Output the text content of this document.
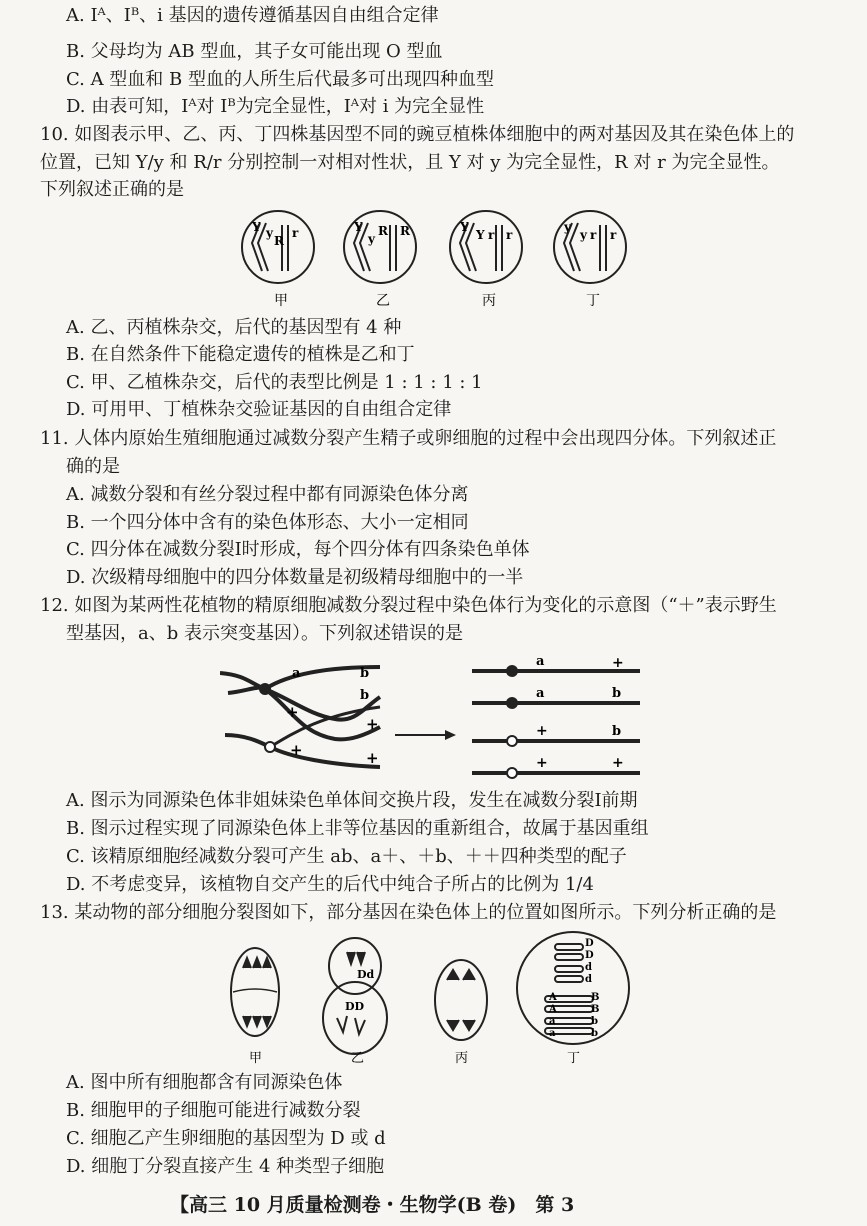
A. Iᴬ、Iᴮ、i 基因的遗传遵循基因自由组合定律
B. 父母均为 AB 型血，其子女可能出现 O 型血
C. A 型血和 B 型血的人所生后代最多可出现四种血型
D. 由表可知，Iᴬ对 Iᴮ为完全显性，Iᴬ对 i 为完全显性
10. 如图表示甲、乙、丙、丁四株基因型不同的豌豆植株体细胞中的两对基因及其在染色体上的
位置，已知 Y/y 和 R/r 分别控制一对相对性状，且 Y 对 y 为完全显性，R 对 r 为完全显性。
下列叙述正确的是
Y y
R
r	Y
y
R R	Y
Y r r
y
y r r
甲	乙	丙	丁
A. 乙、丙植株杂交，后代的基因型有 4 种
B. 在自然条件下能稳定遗传的植株是乙和丁
C. 甲、乙植株杂交，后代的表型比例是 1 : 1 : 1 : 1
D. 可用甲、丁植株杂交验证基因的自由组合定律
11. 人体内原始生殖细胞通过减数分裂产生精子或卵细胞的过程中会出现四分体。下列叙述正
确的是
A. 减数分裂和有丝分裂过程中都有同源染色体分离
B. 一个四分体中含有的染色体形态、大小一定相同
C. 四分体在减数分裂Ⅰ时形成，每个四分体有四条染色单体
D. 次级精母细胞中的四分体数量是初级精母细胞中的一半
12. 如图为某两性花植物的精原细胞减数分裂过程中染色体行为变化的示意图（“＋”表示野生
型基因，a、b 表示突变基因）。下列叙述错误的是
a	b
b
+
+
+	+
a	+
a	b
+	b
+	+
A. 图示为同源染色体非姐妹染色单体间交换片段，发生在减数分裂Ⅰ前期
B. 图示过程实现了同源染色体上非等位基因的重新组合，故属于基因重组
C. 该精原细胞经减数分裂可产生 ab、a＋、＋b、＋＋四种类型的配子
D. 不考虑变异，该植物自交产生的后代中纯合子所占的比例为 1/4
13. 某动物的部分细胞分裂图如下，部分基因在染色体上的位置如图所示。下列分析正确的是
甲
Dd
DD
乙	丙
D
D
d
d
A	B
A	B
a	b
a	b
丁
A. 图中所有细胞都含有同源染色体
B. 细胞甲的子细胞可能进行减数分裂
C. 细胞乙产生卵细胞的基因型为 D 或 d
D. 细胞丁分裂直接产生 4 种类型子细胞
【高三 10 月质量检测卷・生物学(B 卷)　第 3
